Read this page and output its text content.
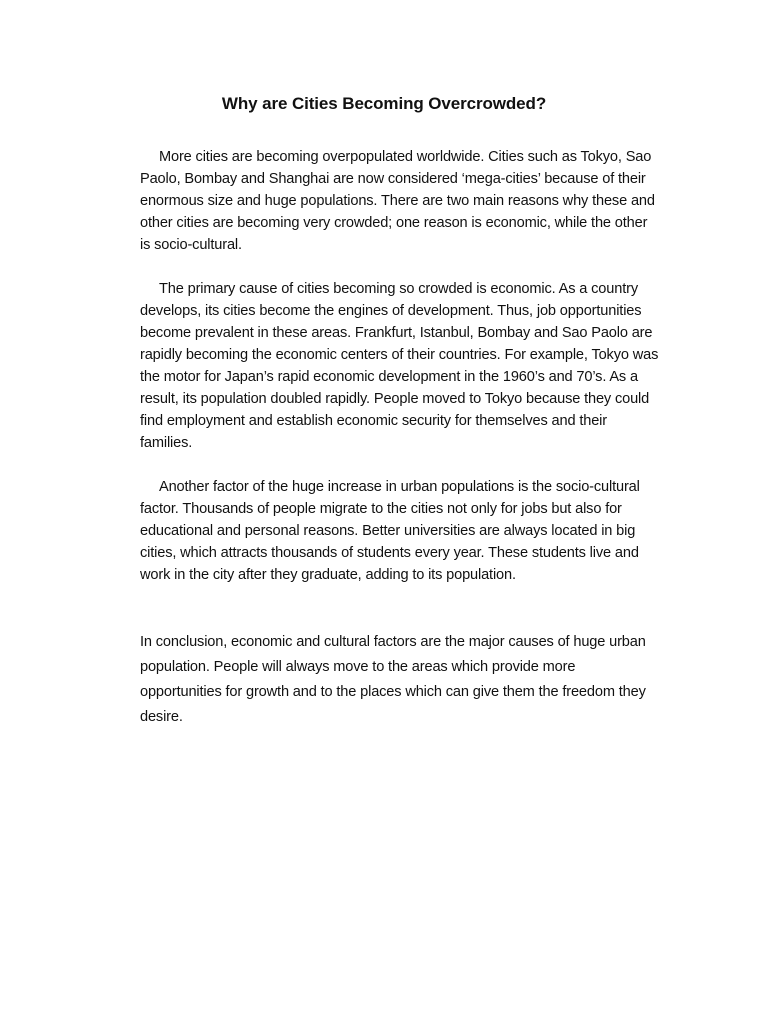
Why are Cities Becoming Overcrowded?

More cities are becoming overpopulated worldwide. Cities such as Tokyo, Sao Paolo, Bombay and Shanghai are now considered ‘mega-cities’ because of their enormous size and huge populations. There are two main reasons why these and other cities are becoming very crowded; one reason is economic, while the other is socio-cultural.

The primary cause of cities becoming so crowded is economic. As a country develops, its cities become the engines of development. Thus, job opportunities become prevalent in these areas. Frankfurt, Istanbul, Bombay and Sao Paolo are rapidly becoming the economic centers of their countries. For example, Tokyo was the motor for Japan’s rapid economic development in the 1960’s and 70’s. As a result, its population doubled rapidly. People moved to Tokyo because they could find employment and establish economic security for themselves and their families.

Another factor of the huge increase in urban populations is the socio-cultural factor. Thousands of people migrate to the cities not only for jobs but also for educational and personal reasons. Better universities are always located in big cities, which attracts thousands of students every year. These students live and work in the city after they graduate, adding to its population.

In conclusion, economic and cultural factors are the major causes of huge urban population. People will always move to the areas which provide more opportunities for growth and to the places which can give them the freedom they desire.
